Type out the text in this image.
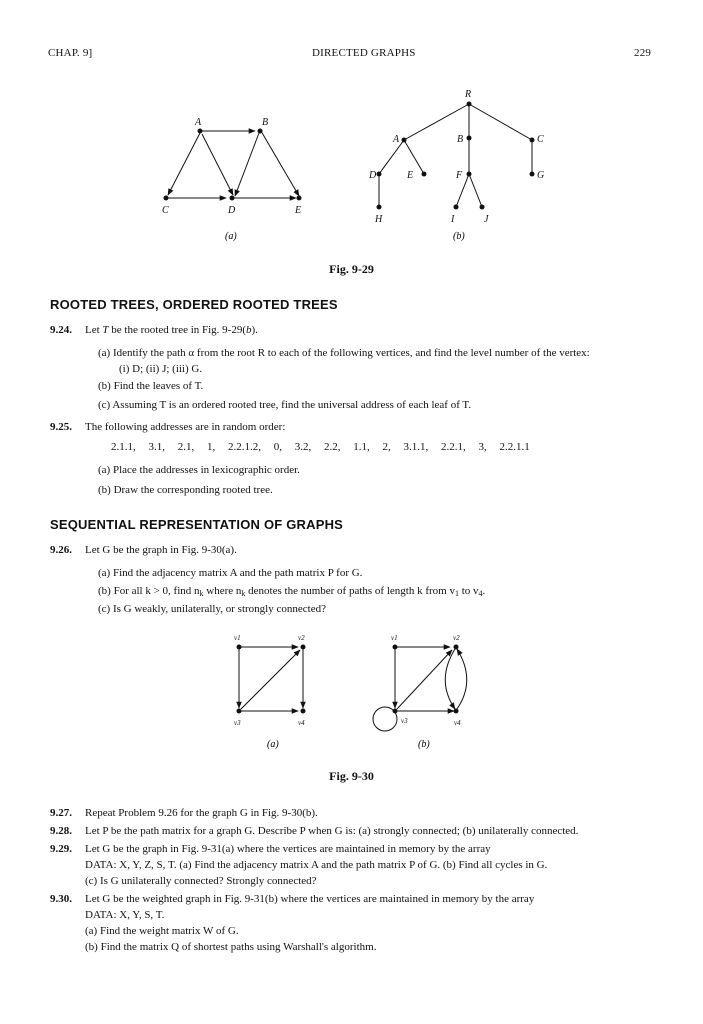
CHAP. 9]	DIRECTED GRAPHS	229
A	B
C	D	E
(a)
R
A	B	C
D	E	F	G
H	I	J
(b)
Fig. 9-29
ROOTED TREES, ORDERED ROOTED TREES
9.24. Let T be the rooted tree in Fig. 9-29(b).
(a) Identify the path α from the root R to each of the following vertices, and find the level number of the vertex:
(i) D; (ii) J; (iii) G.
(b) Find the leaves of T.
(c) Assuming T is an ordered rooted tree, find the universal address of each leaf of T.
9.25. The following addresses are in random order:
2.1.1, 3.1, 2.1, 1, 2.2.1.2, 0, 3.2, 2.2, 1.1, 2, 3.1.1, 2.2.1, 3, 2.2.1.1
(a) Place the addresses in lexicographic order.
(b) Draw the corresponding rooted tree.
SEQUENTIAL REPRESENTATION OF GRAPHS
9.26. Let G be the graph in Fig. 9-30(a).
(a) Find the adjacency matrix A and the path matrix P for G.
(b) For all k > 0, find $n_k$ where $n_k$ denotes the number of paths of length k from $v_1$ to $v_4$.
(c) Is G weakly, unilaterally, or strongly connected?
v1	v2
v3	v4
(a)
v1	v2
v3	v4
(b)
Fig. 9-30
9.27. Repeat Problem 9.26 for the graph G in Fig. 9-30(b).
9.28. Let P be the path matrix for a graph G. Describe P when G is: (a) strongly connected; (b) unilaterally connected.
9.29. Let G be the graph in Fig. 9-31(a) where the vertices are maintained in memory by the array
DATA: X, Y, Z, S, T. (a) Find the adjacency matrix A and the path matrix P of G. (b) Find all cycles in G.
(c) Is G unilaterally connected? Strongly connected?
9.30. Let G be the weighted graph in Fig. 9-31(b) where the vertices are maintained in memory by the array
DATA: X, Y, S, T.
(a) Find the weight matrix W of G.
(b) Find the matrix Q of shortest paths using Warshall's algorithm.
